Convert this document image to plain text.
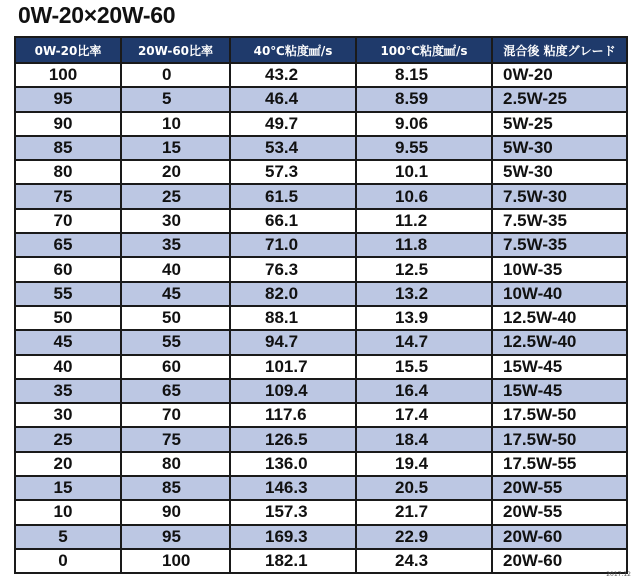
0W-20×20W-60
0W-20比率	20W-60比率	40℃粘度㎟/s	100℃粘度㎟/s	混合後 粘度グレード
100	0	43.2	8.15	0W-20
95	5	46.4	8.59	2.5W-25
90	10	49.7	9.06	5W-25
85	15	53.4	9.55	5W-30
80	20	57.3	10.1	5W-30
75	25	61.5	10.6	7.5W-30
70	30	66.1	11.2	7.5W-35
65	35	71.0	11.8	7.5W-35
60	40	76.3	12.5	10W-35
55	45	82.0	13.2	10W-40
50	50	88.1	13.9	12.5W-40
45	55	94.7	14.7	12.5W-40
40	60	101.7	15.5	15W-45
35	65	109.4	16.4	15W-45
30	70	117.6	17.4	17.5W-50
25	75	126.5	18.4	17.5W-50
20	80	136.0	19.4	17.5W-55
15	85	146.3	20.5	20W-55
10	90	157.3	21.7	20W-55
5	95	169.3	22.9	20W-60
0	100	182.1	24.3	20W-60
2017.12
